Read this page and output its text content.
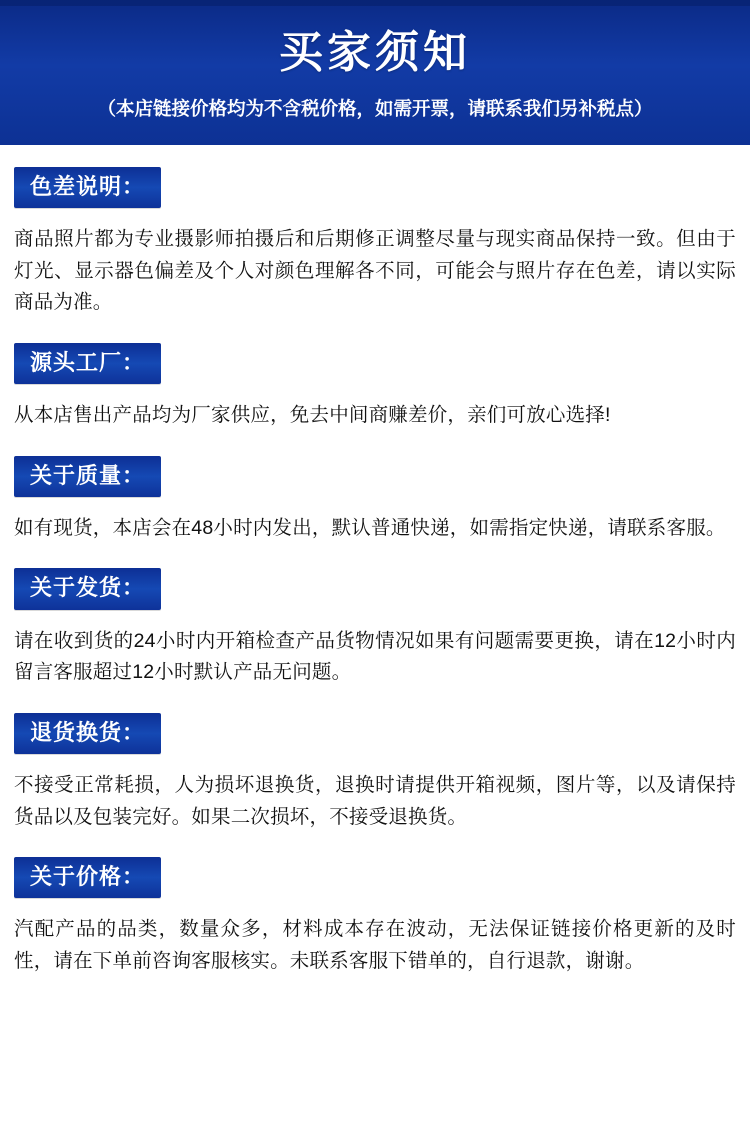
买家须知
（本店链接价格均为不含税价格，如需开票，请联系我们另补税点）
色差说明：
商品照片都为专业摄影师拍摄后和后期修正调整尽量与现实商品保持一致。但由于灯光、显示器色偏差及个人对颜色理解各不同，可能会与照片存在色差，请以实际商品为准。
源头工厂：
从本店售出产品均为厂家供应，免去中间商赚差价，亲们可放心选择!
关于质量：
如有现货，本店会在48小时内发出，默认普通快递，如需指定快递，请联系客服。
关于发货：
请在收到货的24小时内开箱检查产品货物情况如果有问题需要更换，请在12小时内留言客服超过12小时默认产品无问题。
退货换货：
不接受正常耗损，人为损坏退换货，退换时请提供开箱视频，图片等，以及请保持货品以及包装完好。如果二次损坏，不接受退换货。
关于价格：
汽配产品的品类，数量众多，材料成本存在波动，无法保证链接价格更新的及时性，请在下单前咨询客服核实。未联系客服下错单的，自行退款，谢谢。
